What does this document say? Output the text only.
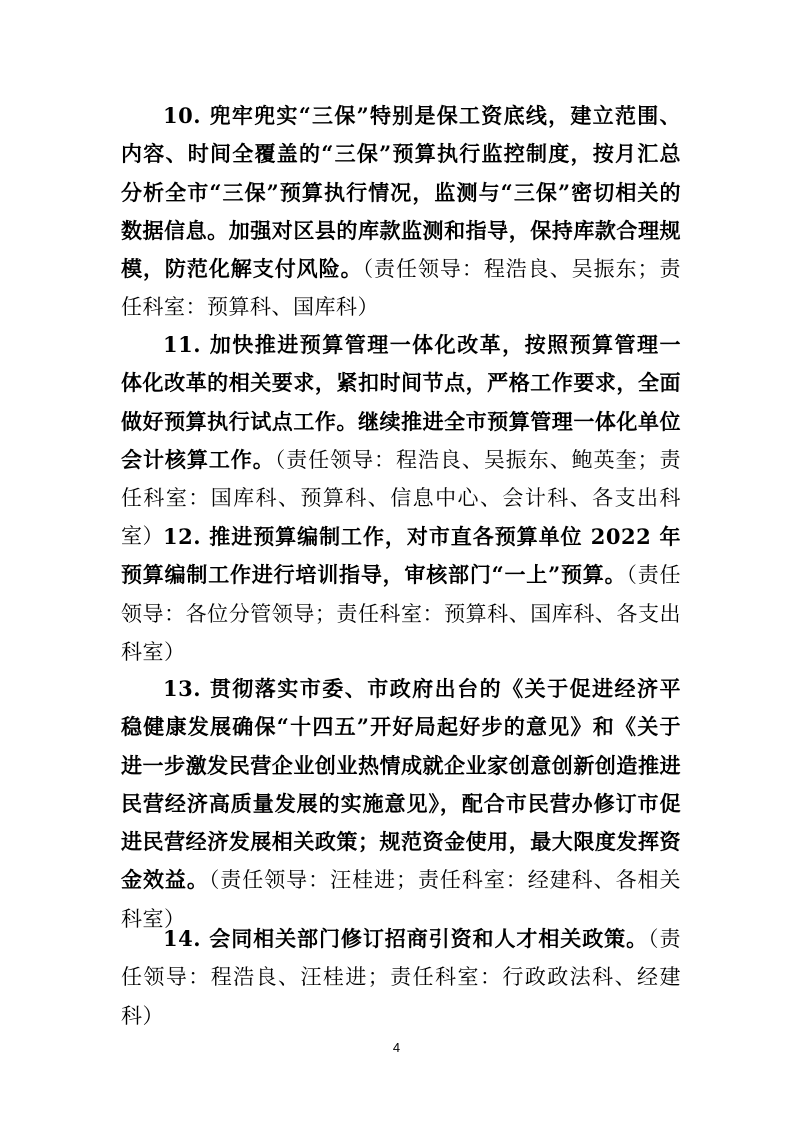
10. 兜牢兜实“三保”特别是保工资底线，建立范围、内容、时间全覆盖的“三保”预算执行监控制度，按月汇总分析全市“三保”预算执行情况，监测与“三保”密切相关的数据信息。加强对区县的库款监测和指导，保持库款合理规模，防范化解支付风险。（责任领导：程浩良、吴振东；责任科室：预算科、国库科）

11. 加快推进预算管理一体化改革，按照预算管理一体化改革的相关要求，紧扣时间节点，严格工作要求，全面做好预算执行试点工作。继续推进全市预算管理一体化单位会计核算工作。（责任领导：程浩良、吴振东、鲍英奎；责任科室：国库科、预算科、信息中心、会计科、各支出科室） 12. 推进预算编制工作，对市直各预算单位 2022 年预算编制工作进行培训指导，审核部门“一上”预算。（责任领导：各位分管领导；责任科室：预算科、国库科、各支出科室）

13. 贯彻落实市委、市政府出台的《关于促进经济平稳健康发展确保“十四五”开好局起好步的意见》和《关于进一步激发民营企业创业热情成就企业家创意创新创造推进民营经济高质量发展的实施意见》，配合市民营办修订市促进民营经济发展相关政策；规范资金使用，最大限度发挥资金效益。（责任领导：汪桂进；责任科室：经建科、各相关科室）

14. 会同相关部门修订招商引资和人才相关政策。（责任领导：程浩良、汪桂进；责任科室：行政政法科、经建科）

4
